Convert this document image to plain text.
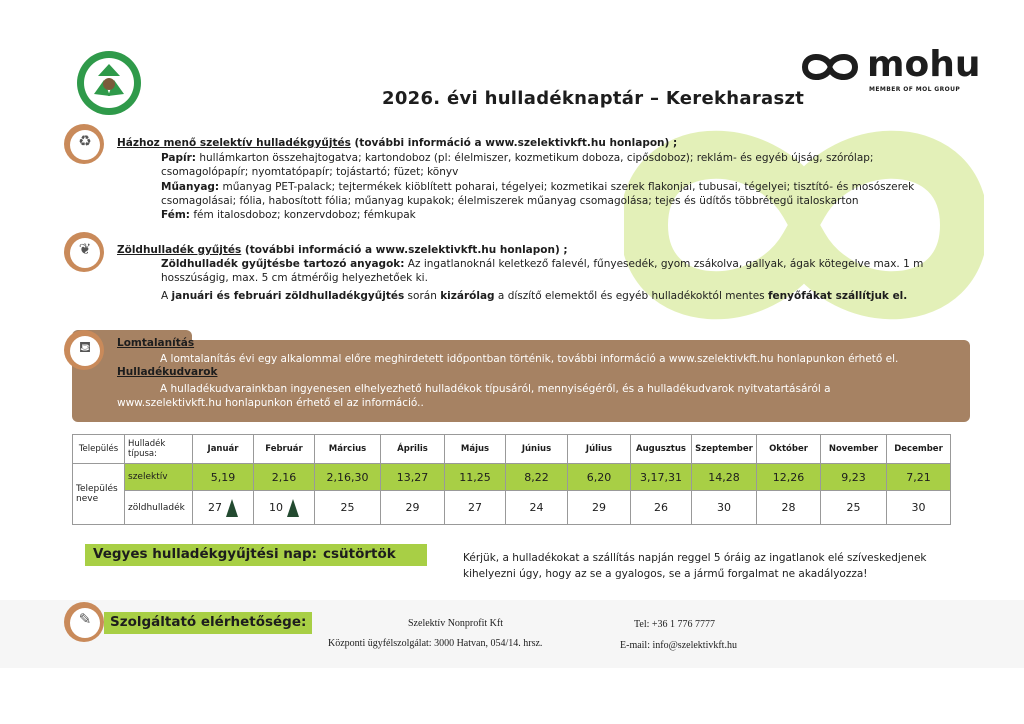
2026. évi hulladéknaptár – Kerekharaszt
mohu
MEMBER OF MOL GROUP
♻	Házhoz menő szelektív hulladékgyűjtés (további információ a www.szelektivkft.hu honlapon) ;
Papír: hullámkarton összehajtogatva; kartondoboz (pl: élelmiszer, kozmetikum doboza, cipősdoboz); reklám- és egyéb újság, szórólap;
csomagolópapír; nyomtatópapír; tojástartó; füzet; könyv
Műanyag: műanyag PET-palack; tejtermékek kiöblített poharai, tégelyei; kozmetikai szerek flakonjai, tubusai, tégelyei; tisztító- és mosószerek
csomagolásai; fólia, habosított fólia; műanyag kupakok; élelmiszerek műanyag csomagolása; tejes és üdítős többrétegű italoskarton
Fém: fém italosdoboz; konzervdoboz; fémkupak
❦	Zöldhulladék gyűjtés (további információ a www.szelektivkft.hu honlapon) ;
Zöldhulladék gyűjtésbe tartozó anyagok: Az ingatlanoknál keletkező falevél, fűnyesedék, gyom zsákolva, gallyak, ágak kötegelve max. 1 m
hosszúságig, max. 5 cm átmérőig helyezhetőek ki.
A januári és februári zöldhulladékgyűjtés során kizárólag a díszítő elemektől és egyéb hulladékoktól mentes fenyőfákat szállítjuk el.
Lomtalanítás
A lomtalanítás évi egy alkalommal előre meghirdetett időpontban történik, további információ a www.szelektivkft.hu honlapunkon érhető el.
Hulladékudvarok
A hulladékudvarainkban ingyenesen elhelyezhető hulladékok típusáról, mennyiségéről, és a hulladékudvarok nyitvatartásáról a
www.szelektivkft.hu honlapunkon érhető el az információ..
⛾
Település	Hulladék típusa:	Január	Február	Március	Április	Május	Június	Július	Augusztus	Szeptember	Október	November	December
Település neve	szelektív	5,19	2,16	2,16,30	13,27	11,25	8,22	6,20	3,17,31	14,28	12,26	9,23	7,21
	zöldhulladék	27	10	25	29	27	24	29	26	30	28	25	30
Vegyes hulladékgyűjtési nap: csütörtök	Kérjük, a hulladékokat a szállítás napján reggel 5 óráig az ingatlanok elé szíveskedjenek kihelyezni úgy, hogy az se a gyalogos, se a jármű forgalmat ne akadályozza!
✎	Szolgáltató elérhetősége:	Szelektív Nonprofit Kft
Központi ügyfélszolgálat: 3000 Hatvan, 054/14. hrsz.
Tel: +36 1 776 7777
E-mail: info@szelektivkft.hu
